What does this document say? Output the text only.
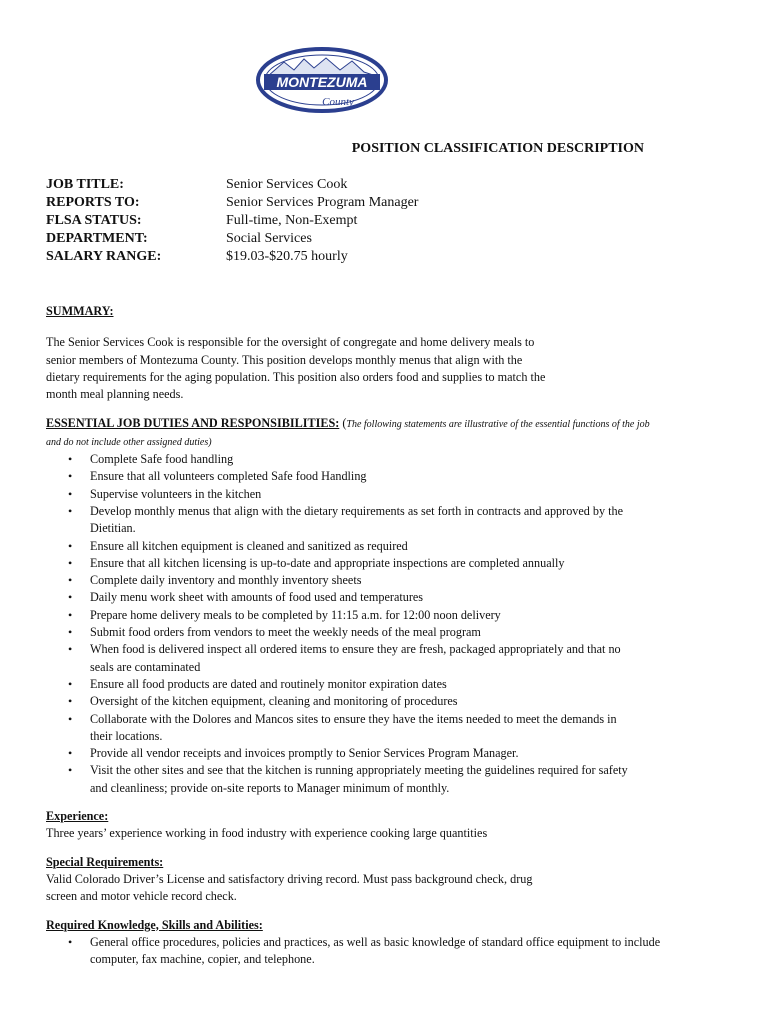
MONTEZUMA
County
POSITION CLASSIFICATION DESCRIPTION
JOB TITLE:	Senior Services Cook
REPORTS TO:	Senior Services Program Manager
FLSA STATUS:	Full-time, Non-Exempt
DEPARTMENT:	Social Services
SALARY RANGE:	$19.03-$20.75 hourly
SUMMARY:
The Senior Services Cook is responsible for the oversight of congregate and home delivery meals to
senior members of Montezuma County. This position develops monthly menus that align with the
dietary requirements for the aging population. This position also orders food and supplies to match the
month meal planning needs.
ESSENTIAL JOB DUTIES AND RESPONSIBILITIES: (The following statements are illustrative of the essential functions of the job
and do not include other assigned duties)
• Complete Safe food handling
• Ensure that all volunteers completed Safe food Handling
• Supervise volunteers in the kitchen
• Develop monthly menus that align with the dietary requirements as set forth in contracts and approved by the
Dietitian.
• Ensure all kitchen equipment is cleaned and sanitized as required
• Ensure that all kitchen licensing is up-to-date and appropriate inspections are completed annually
• Complete daily inventory and monthly inventory sheets
• Daily menu work sheet with amounts of food used and temperatures
• Prepare home delivery meals to be completed by 11:15 a.m. for 12:00 noon delivery
• Submit food orders from vendors to meet the weekly needs of the meal program
• When food is delivered inspect all ordered items to ensure they are fresh, packaged appropriately and that no
seals are contaminated
• Ensure all food products are dated and routinely monitor expiration dates
• Oversight of the kitchen equipment, cleaning and monitoring of procedures
• Collaborate with the Dolores and Mancos sites to ensure they have the items needed to meet the demands in
their locations.
• Provide all vendor receipts and invoices promptly to Senior Services Program Manager.
• Visit the other sites and see that the kitchen is running appropriately meeting the guidelines required for safety
and cleanliness; provide on-site reports to Manager minimum of monthly.
Experience:
Three years’ experience working in food industry with experience cooking large quantities
Special Requirements:
Valid Colorado Driver’s License and satisfactory driving record. Must pass background check, drug
screen and motor vehicle record check.
Required Knowledge, Skills and Abilities:
• General office procedures, policies and practices, as well as basic knowledge of standard office equipment to include
computer, fax machine, copier, and telephone.
